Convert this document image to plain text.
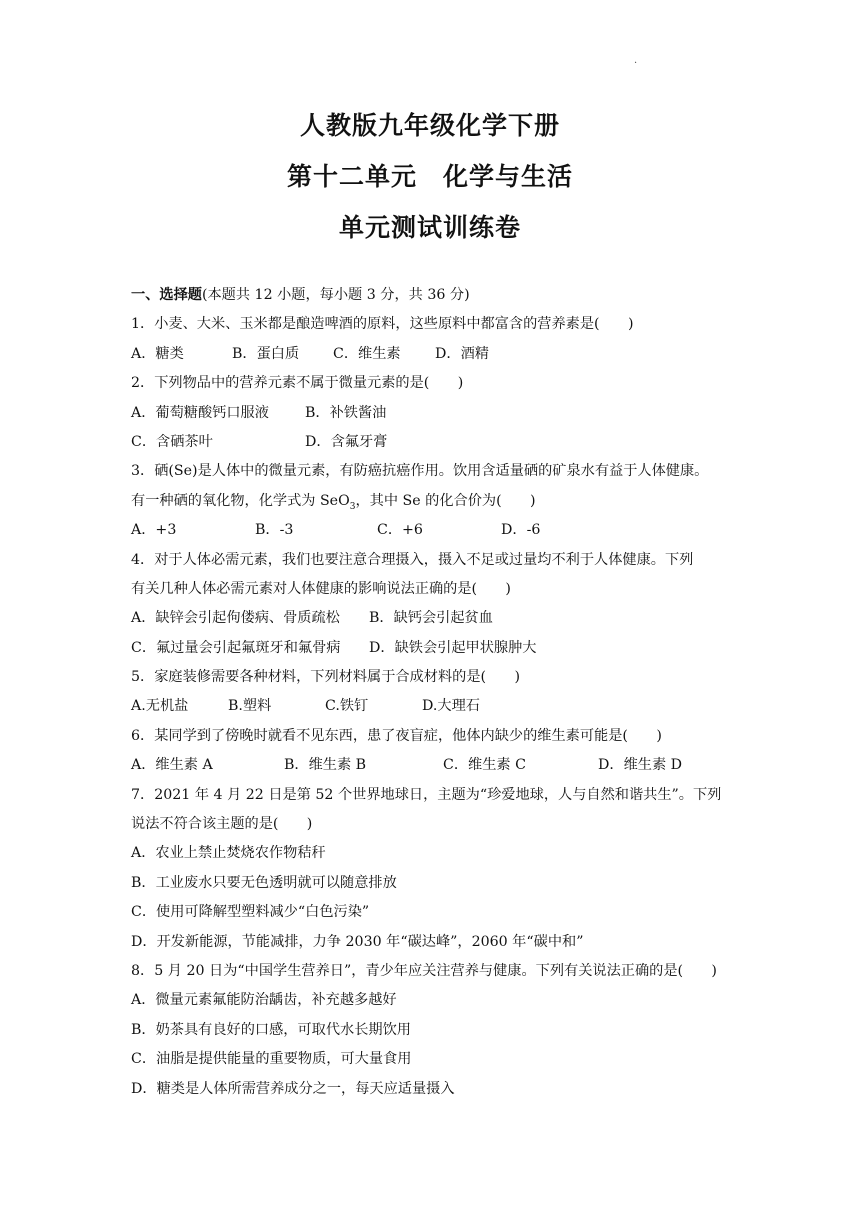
·
人教版九年级化学下册
第十二单元　化学与生活
单元测试训练卷
一、选择题(本题共 12 小题，每小题 3 分，共 36 分)
1．小麦、大米、玉米都是酿造啤酒的原料，这些原料中都富含的营养素是(　　)
A．糖类	B．蛋白质	C．维生素	D．酒精
2．下列物品中的营养元素不属于微量元素的是(　　)
A．葡萄糖酸钙口服液	B．补铁酱油
C．含硒茶叶	D．含氟牙膏
3．硒(Se)是人体中的微量元素，有防癌抗癌作用。饮用含适量硒的矿泉水有益于人体健康。
有一种硒的氧化物，化学式为 SeO$_3$，其中 Se 的化合价为(　　)
A．+3	B．-3	C．+6	D．-6
4．对于人体必需元素，我们也要注意合理摄入，摄入不足或过量均不利于人体健康。下列
有关几种人体必需元素对人体健康的影响说法正确的是(　　)
A．缺锌会引起佝偻病、骨质疏松	B．缺钙会引起贫血
C．氟过量会引起氟斑牙和氟骨病	D．缺铁会引起甲状腺肿大
5．家庭装修需要各种材料，下列材料属于合成材料的是(　　)
A.无机盐	B.塑料	C.铁钉	D.大理石
6．某同学到了傍晚时就看不见东西，患了夜盲症，他体内缺少的维生素可能是(　　)
A．维生素 A	B．维生素 B	C．维生素 C	D．维生素 D
7．2021 年 4 月 22 日是第 52 个世界地球日，主题为“珍爱地球，人与自然和谐共生”。下列
说法不符合该主题的是(　　)
A．农业上禁止焚烧农作物秸秆
B．工业废水只要无色透明就可以随意排放
C．使用可降解型塑料减少“白色污染”
D．开发新能源，节能减排，力争 2030 年“碳达峰”，2060 年“碳中和”
8．5 月 20 日为“中国学生营养日”，青少年应关注营养与健康。下列有关说法正确的是(　　)
A．微量元素氟能防治龋齿，补充越多越好
B．奶茶具有良好的口感，可取代水长期饮用
C．油脂是提供能量的重要物质，可大量食用
D．糖类是人体所需营养成分之一，每天应适量摄入
